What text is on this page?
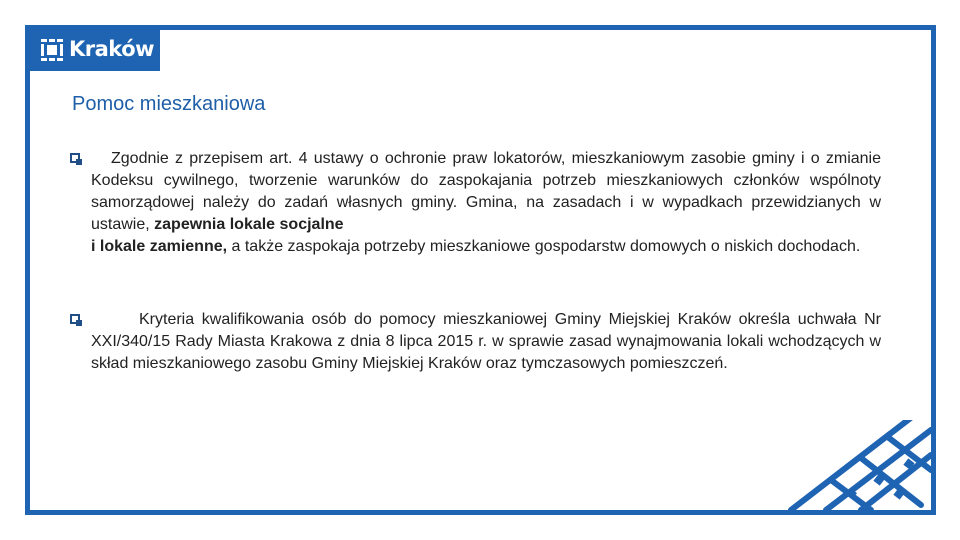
Kraków
Pomoc mieszkaniowa

Zgodnie z przepisem art. 4 ustawy o ochronie praw lokatorów, mieszkaniowym zasobie gminy i o zmianie Kodeksu cywilnego, tworzenie warunków do zaspokajania potrzeb mieszkaniowych członków wspólnoty samorządowej należy do zadań własnych gminy. Gmina, na zasadach i w wypadkach przewidzianych w ustawie, zapewnia lokale socjalne
i lokale zamienne, a także zaspokaja potrzeby mieszkaniowe gospodarstw domowych o niskich dochodach.

Kryteria kwalifikowania osób do pomocy mieszkaniowej Gminy Miejskiej Kraków określa uchwała Nr XXI/340/15 Rady Miasta Krakowa z dnia 8 lipca 2015 r. w sprawie zasad wynajmowania lokali wchodzących w skład mieszkaniowego zasobu Gminy Miejskiej Kraków oraz tymczasowych pomieszczeń.
